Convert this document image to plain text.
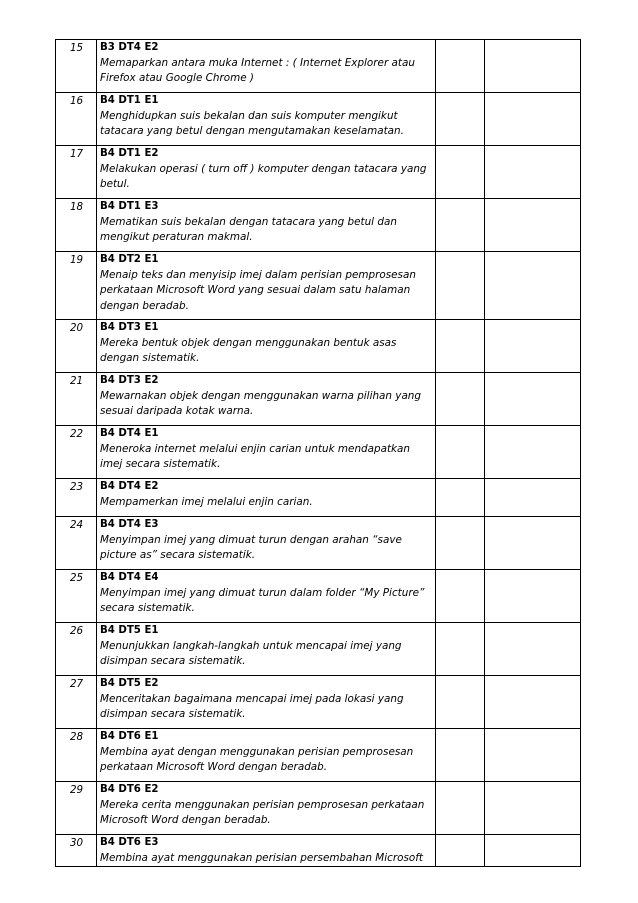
15	B3 DT4 E2
Memaparkan antara muka Internet : ( Internet Explorer atau Firefox atau Google Chrome )		

16	B4 DT1 E1
Menghidupkan suis bekalan dan suis komputer mengikut tatacara yang betul dengan mengutamakan keselamatan.		

17	B4 DT1 E2
Melakukan operasi ( turn off ) komputer dengan tatacara yang betul.		

18	B4 DT1 E3
Mematikan suis bekalan dengan tatacara yang betul dan mengikut peraturan makmal.		

19	B4 DT2 E1
Menaip teks dan menyisip imej dalam perisian pemprosesan perkataan Microsoft Word yang sesuai dalam satu halaman dengan beradab.		

20	B4 DT3 E1
Mereka bentuk objek dengan menggunakan bentuk asas dengan sistematik.		

21	B4 DT3 E2
Mewarnakan objek dengan menggunakan warna pilihan yang sesuai daripada kotak warna.		

22	B4 DT4 E1
Meneroka internet melalui enjin carian untuk mendapatkan imej secara sistematik.		

23	B4 DT4 E2
Mempamerkan imej melalui enjin carian.		

24	B4 DT4 E3
Menyimpan imej yang dimuat turun dengan arahan “save picture as” secara sistematik.		

25	B4 DT4 E4
Menyimpan imej yang dimuat turun dalam folder “My Picture” secara sistematik.		

26	B4 DT5 E1
Menunjukkan langkah-langkah untuk mencapai imej yang disimpan secara sistematik.		

27	B4 DT5 E2
Menceritakan bagaimana mencapai imej pada lokasi yang disimpan secara sistematik.		

28	B4 DT6 E1
Membina ayat dengan menggunakan perisian pemprosesan perkataan Microsoft Word dengan beradab.		

29	B4 DT6 E2
Mereka cerita menggunakan perisian pemprosesan perkataan Microsoft Word dengan beradab.		

30	B4 DT6 E3
Membina ayat menggunakan perisian persembahan Microsoft		
